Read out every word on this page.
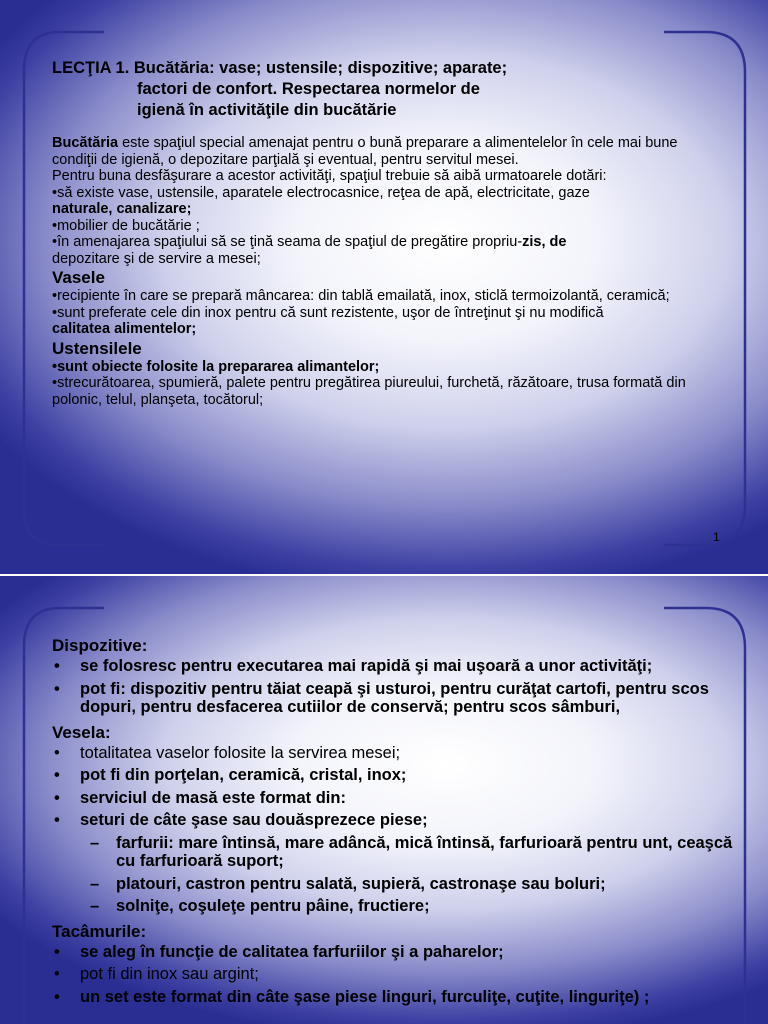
LECŢIA 1. Bucătăria: vase; ustensile; dispozitive; aparate;
factori de confort. Respectarea normelor de
igienă în activităţile din bucătărie

Bucătăria este spaţiul special amenajat pentru o bună preparare a alimentelelor în cele mai bune condiţii de igienă, o depozitare parţială şi eventual, pentru servitul mesei.

Pentru buna desfăşurare a acestor activităţi, spaţiul trebuie să aibă urmatoarele dotări:

•să existe vase, ustensile, aparatele electrocasnice, reţea de apă, electricitate, gaze
naturale, canalizare;

•mobilier de bucătărie ;

•în amenajarea spaţiului să se ţină seama de spaţiul de pregătire propriu-zis, de
depozitare şi de servire a mesei;

Vasele

•recipiente în care se prepară mâncarea: din tablă emailată, inox, sticlă termoizolantă, ceramică;

•sunt preferate cele din inox pentru că sunt rezistente, uşor de întreţinut şi nu modifică
calitatea alimentelor;

Ustensilele

•sunt obiecte folosite la prepararea alimantelor;

•strecurătoarea, spumieră, palete pentru pregătirea piureului, furchetă, răzătoare, trusa formată din polonic, telul, planşeta, tocătorul;

1

Dispozitive:

• se folosresc pentru executarea mai rapidă şi mai uşoară a unor activităţi;
• pot fi: dispozitiv pentru tăiat ceapă şi usturoi, pentru curăţat cartofi, pentru scos dopuri, pentru desfacerea cutiilor de conservă; pentru scos sâmburi,

Vesela:

• totalitatea vaselor folosite la servirea mesei;
• pot fi din porţelan, ceramică, cristal, inox;
• serviciul de masă este format din:
• seturi de câte şase sau douăsprezece piese;
– farfurii: mare întinsă, mare adâncă, mică întinsă, farfurioară pentru unt, ceaşcă cu farfurioară suport;
– platouri, castron pentru salată, supieră, castronaşe sau boluri;
– solniţe, coşuleţe pentru pâine, fructiere;

Tacâmurile:

• se aleg în funcţie de calitatea farfuriilor şi a paharelor;
• pot fi din inox sau argint;
• un set este format din câte şase piese linguri, furculiţe, cuţite, linguriţe) ;
